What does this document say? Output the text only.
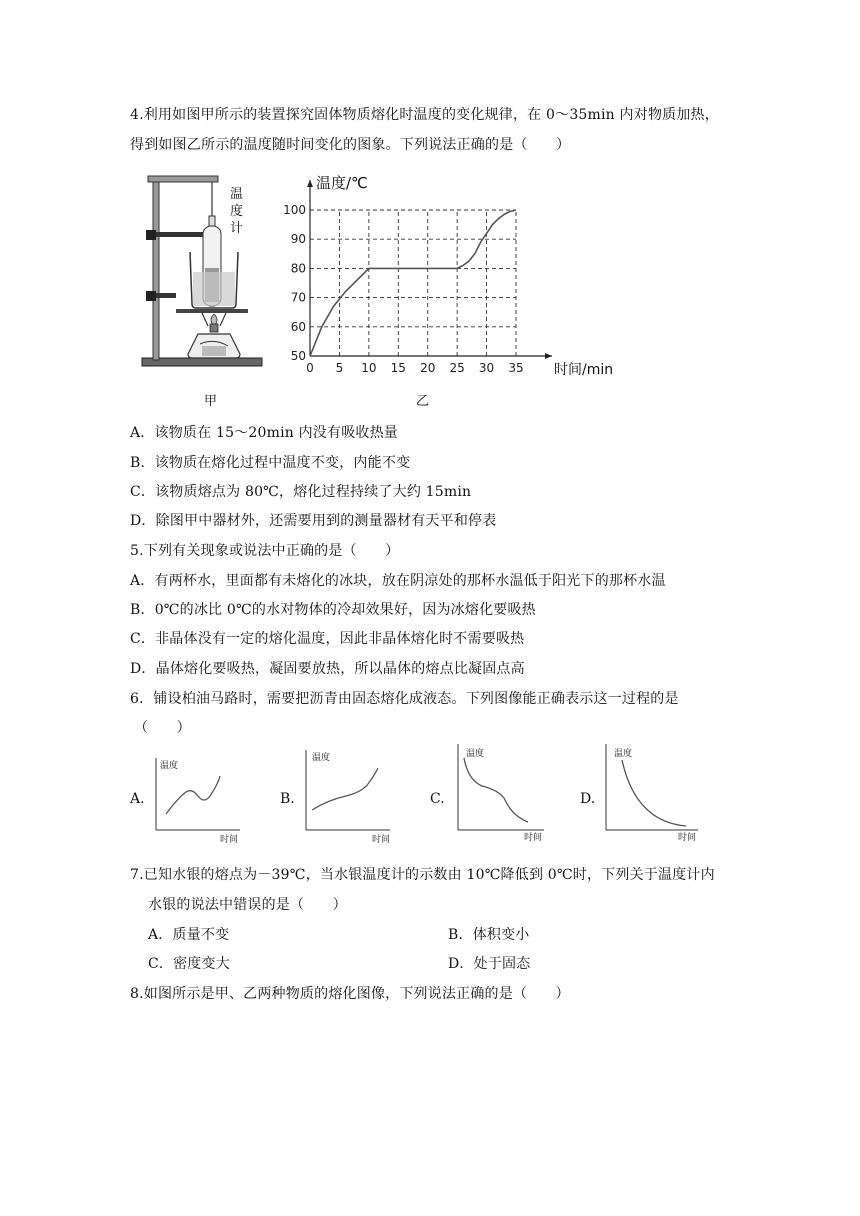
4.利用如图甲所示的装置探究固体物质熔化时温度的变化规律，在 0～35min 内对物质加热，
得到如图乙所示的温度随时间变化的图象。下列说法正确的是（　　）
温
度
计
甲
0 5 10 15 20 25 30 35
50
60
70
80
90
100
温度/℃
时间/min
乙
A．该物质在 15～20min 内没有吸收热量
B．该物质在熔化过程中温度不变，内能不变
C．该物质熔点为 80℃，熔化过程持续了大约 15min
D．除图甲中器材外，还需要用到的测量器材有天平和停表
5.下列有关现象或说法中正确的是（　　）
A．有两杯水，里面都有未熔化的冰块，放在阴凉处的那杯水温低于阳光下的那杯水温
B．0℃的冰比 0℃的水对物体的冷却效果好，因为冰熔化要吸热
C．非晶体没有一定的熔化温度，因此非晶体熔化时不需要吸热
D．晶体熔化要吸热，凝固要放热，所以晶体的熔点比凝固点高
6．铺设柏油马路时，需要把沥青由固态熔化成液态。下列图像能正确表示这一过程的是
（　　）
A.
温度
时间
B.
温度
时间
C.
温度
时间
D.
温度
时间
7.已知水银的熔点为－39℃，当水银温度计的示数由 10℃降低到 0℃时，下列关于温度计内
水银的说法中错误的是（　　）
A．质量不变	B．体积变小
C．密度变大	D．处于固态
8.如图所示是甲、乙两种物质的熔化图像，下列说法正确的是（　　）
